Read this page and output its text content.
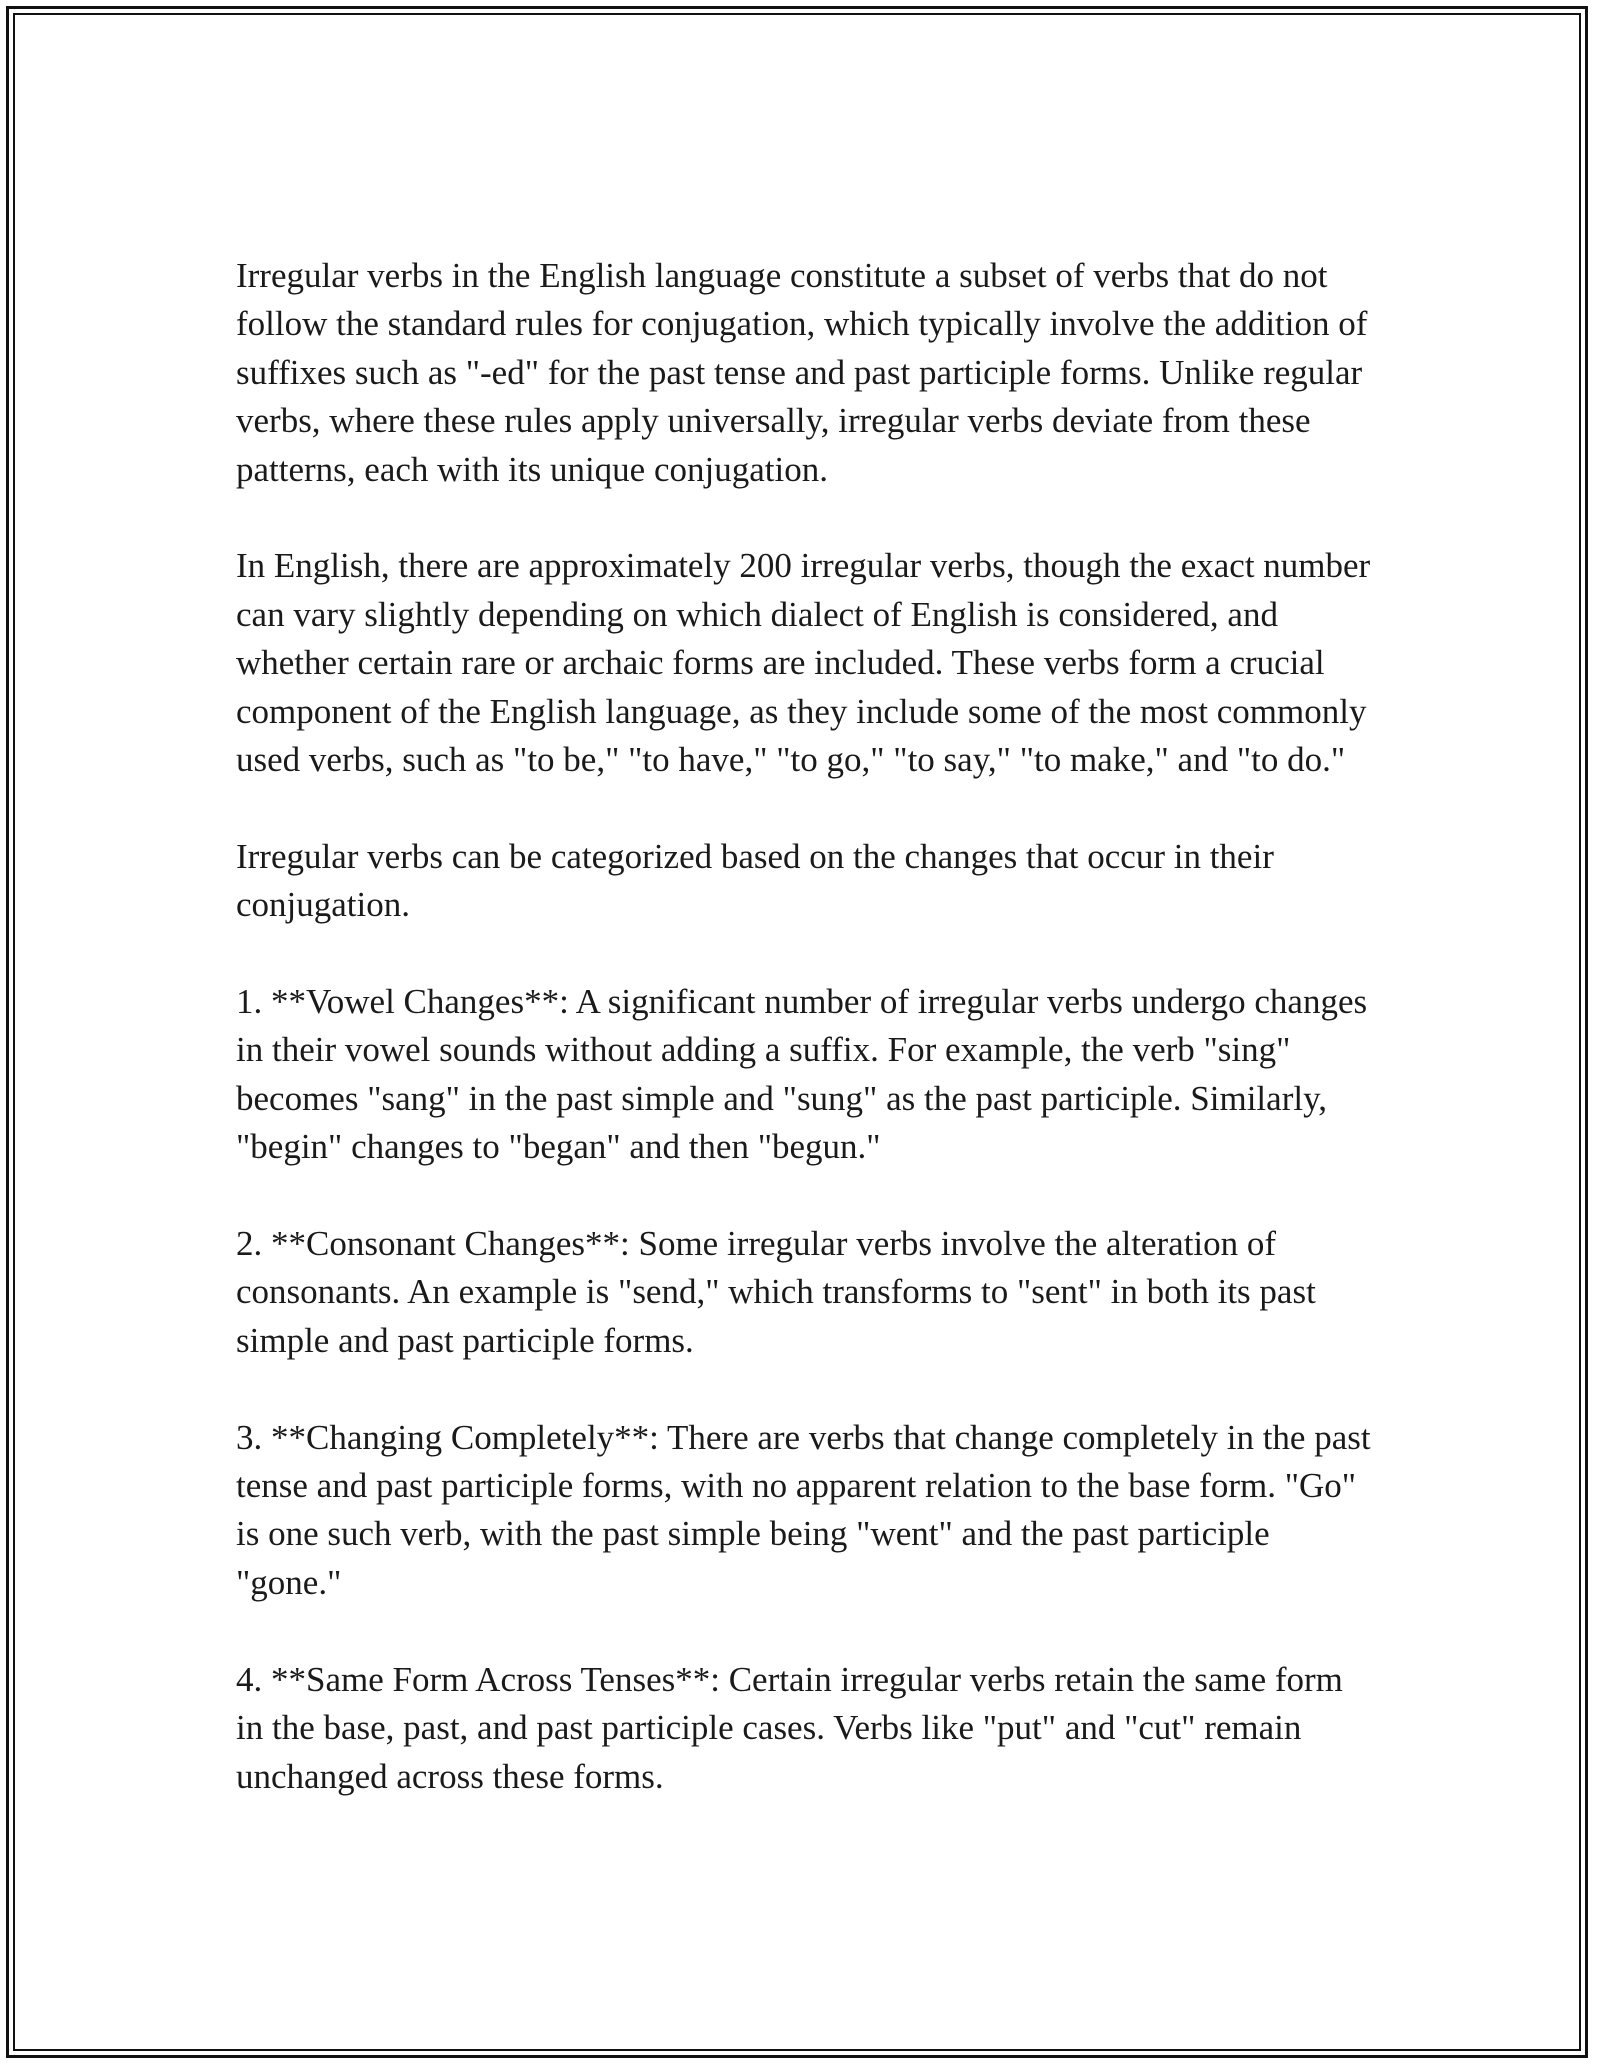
Irregular verbs in the English language constitute a subset of verbs that do not follow the standard rules for conjugation, which typically involve the addition of suffixes such as "-ed" for the past tense and past participle forms. Unlike regular verbs, where these rules apply universally, irregular verbs deviate from these patterns, each with its unique conjugation.

In English, there are approximately 200 irregular verbs, though the exact number can vary slightly depending on which dialect of English is considered, and whether certain rare or archaic forms are included. These verbs form a crucial component of the English language, as they include some of the most commonly used verbs, such as "to be," "to have," "to go," "to say," "to make," and "to do."

Irregular verbs can be categorized based on the changes that occur in their conjugation.

1. **Vowel Changes**: A significant number of irregular verbs undergo changes in their vowel sounds without adding a suffix. For example, the verb "sing" becomes "sang" in the past simple and "sung" as the past participle. Similarly, "begin" changes to "began" and then "begun."

2. **Consonant Changes**: Some irregular verbs involve the alteration of consonants. An example is "send," which transforms to "sent" in both its past simple and past participle forms.

3. **Changing Completely**: There are verbs that change completely in the past tense and past participle forms, with no apparent relation to the base form. "Go" is one such verb, with the past simple being "went" and the past participle "gone."

4. **Same Form Across Tenses**: Certain irregular verbs retain the same form in the base, past, and past participle cases. Verbs like "put" and "cut" remain unchanged across these forms.
